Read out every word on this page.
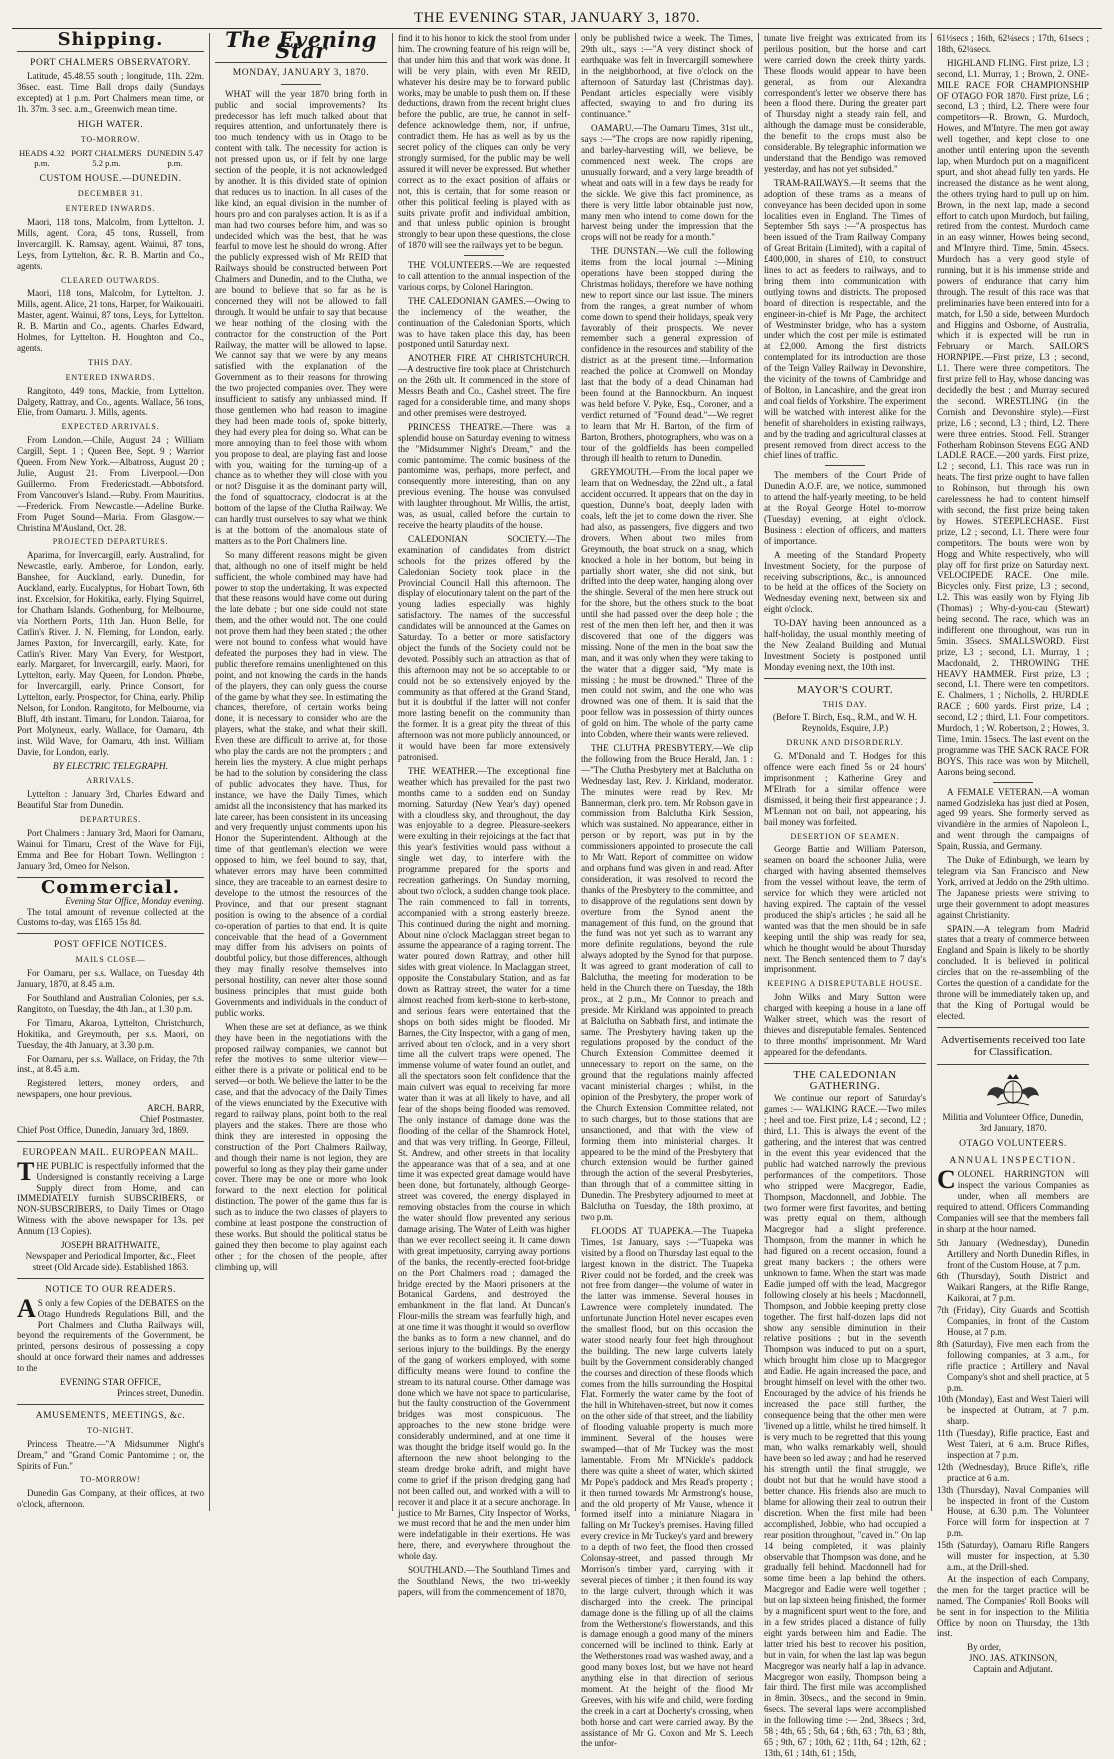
THE EVENING STAR, JANUARY 3, 1870.
Shipping.
PORT CHALMERS OBSERVATORY.

Latitude, 45.48.55 south ; longitude, 11h. 22m. 36sec. east. Time Ball drops daily (Sundays excepted) at 1 p.m. Port Chalmers mean time, or 1h. 37m. 3 sec. a.m., Greenwich mean time.

HIGH WATER.
TO-MORROW.
HEADS 4.32 p.m.
PORT CHALMERS 5.2 p.m.
DUNEDIN 5.47 p.m.
CUSTOM HOUSE.—DUNEDIN.
DECEMBER 31.
ENTERED INWARDS.

Maori, 118 tons, Malcolm, from Lyttelton. J. Mills, agent. Cora, 45 tons, Russell, from Invercargill. K. Ramsay, agent. Wainui, 87 tons, Leys, from Lyttelton, &c. R. B. Martin and Co., agents.

CLEARED OUTWARDS.

Maori, 118 tons, Malcolm, for Lyttelton. J. Mills, agent. Alice, 21 tons, Harper, for Waikouaiti. Master, agent. Wainui, 87 tons, Leys, for Lyttelton. R. B. Martin and Co., agents. Charles Edward, Holmes, for Lyttelton. H. Houghton and Co., agents.

THIS DAY.
ENTERED INWARDS.

Rangitoto, 449 tons, Mackie, from Lyttelton. Dalgety, Rattray, and Co., agents. Wallace, 56 tons, Elie, from Oamaru. J. Mills, agents.

EXPECTED ARRIVALS.

From London.—Chile, August 24 ; William Cargill, Sept. 1 ; Queen Bee, Sept. 9 ; Warrior Queen. From New York.—Albatross, August 20 ; Julie, August 21. From Liverpool.—Don Guillermo. From Fredericstadt.—Abbotsford. From Vancouver's Island.—Ruby. From Mauritius.—Frederick. From Newcastle.—Adeline Burke. From Puget Sound—Maria. From Glasgow.—Christina M'Ausland, Oct. 28.

PROJECTED DEPARTURES.

Aparima, for Invercargill, early. Australind, for Newcastle, early. Amberoe, for London, early. Banshee, for Auckland, early. Dunedin, for Auckland, early. Eucalyptus, for Hobart Town, 6th inst. Excelsior, for Hokitika, early. Flying Squirrel, for Chatham Islands. Gothenburg, for Melbourne, via Northern Ports, 11th Jan. Huon Belle, for Catlin's River. J. N. Fleming, for London, early. James Paxton, for Invercargill, early. Kate, for Catlin's River. Mary Van Every, for Westport, early. Margaret, for Invercargill, early. Maori, for Lyttelton, early. May Queen, for London. Phœbe, for Invercargill, early. Prince Consort, for Lyttelton, early. Prospector, for China, early. Philip Nelson, for London. Rangitoto, for Melbourne, via Bluff, 4th instant. Timaru, for London. Taiaroa, for Port Molyneux, early. Wallace, for Oamaru, 4th inst. Wild Wave, for Oamaru, 4th inst. William Davie, for London, early.

BY ELECTRIC TELEGRAPH.
ARRIVALS.

Lyttelton : January 3rd, Charles Edward and Beautiful Star from Dunedin.

DEPARTURES.

Port Chalmers : January 3rd, Maori for Oamaru, Wainui for Timaru, Crest of the Wave for Fiji, Emma and Bee for Hobart Town. Wellington : January 3rd, Omeo for Nelson.

Commercial.
Evening Star Office, Monday evening.

The total amount of revenue collected at the Customs to-day, was £165 15s 8d.

POST OFFICE NOTICES.
MAILS CLOSE—

For Oamaru, per s.s. Wallace, on Tuesday 4th January, 1870, at 8.45 a.m.

For Southland and Australian Colonies, per s.s. Rangitoto, on Tuesday, the 4th Jan., at 1.30 p.m.

For Timaru, Akaroa, Lyttelton, Christchurch, Hokitika, and Greymouth, per s.s. Maori, on Tuesday, the 4th January, at 3.30 p.m.

For Oamaru, per s.s. Wallace, on Friday, the 7th inst., at 8.45 a.m.

Registered letters, money orders, and newspapers, one hour previous.

ARCH. BARR,
Chief Postmaster.

Chief Post Office, Dunedin, January 3rd, 1869.

EUROPEAN MAIL. EUROPEAN MAIL.

THE PUBLIC is respectfully informed that the Undersigned is constantly receiving a Large Supply direct from Home, and can IMMEDIATELY furnish SUBSCRIBERS, or NON-SUBSCRIBERS, to Daily Times or Otago Witness with the above newspaper for 13s. per Annum (13 Copies).

JOSEPH BRAITHWAITE,
Newspaper and Periodical Importer, &c., Fleet street (Old Arcade side). Established 1863.
NOTICE TO OUR READERS.

A S only a few Copies of the DEBATES on the Otago Hundreds Regulations Bill, and the Port Chalmers and Clutha Railways will, beyond the requirements of the Government, be printed, persons desirous of possessing a copy should at once forward their names and addresses to the

EVENING STAR OFFICE,
Princes street, Dunedin.
AMUSEMENTS, MEETINGS, &c.
TO-NIGHT.

Princess Theatre.—"A Midsummer Night's Dream," and "Grand Comic Pantomime ; or, the Spirits of Fun."

TO-MORROW!

Dunedin Gas Company, at their offices, at two o'clock, afternoon.

The Evening Star
MONDAY, JANUARY 3, 1870.

WHAT will the year 1870 bring forth in public and social improvements? Its predecessor has left much talked about that requires attention, and unfortunately there is too much tendency with us in Otago to be content with talk. The necessity for action is not pressed upon us, or if felt by one large section of the people, it is not acknowledged by another. It is this divided state of opinion that reduces us to inaction. In all cases of the like kind, an equal division in the number of hours pro and con paralyses action. It is as if a man had two courses before him, and was so undecided which was the best, that he was fearful to move lest he should do wrong. After the publicly expressed wish of Mr REID that Railways should be constructed between Port Chalmers and Dunedin, and to the Clutha, we are bound to believe that so far as he is concerned they will not be allowed to fall through. It would be unfair to say that because we hear nothing of the closing with the contractor for the construction of the Port Railway, the matter will be allowed to lapse. We cannot say that we were by any means satisfied with the explanation of the Government as to their reasons for throwing the two projected companies over. They were insufficient to satisfy any unbiassed mind. If those gentlemen who had reason to imagine they had been made tools of, spoke bitterly, they had every plea for doing so. What can be more annoying than to feel those with whom you propose to deal, are playing fast and loose with you, waiting for the turning-up of a chance as to whether they will close with you or not? Disguise it as the dominant party will, the fond of squattocracy, clodocrat is at the bottom of the lapse of the Clutha Railway. We can hardly trust ourselves to say what we think is at the bottom of the anomalous state of matters as to the Port Chalmers line.

So many different reasons might be given that, although no one of itself might be held sufficient, the whole combined may have had power to stop the undertaking. It was expected that these reasons would have come out during the late debate ; but one side could not state them, and the other would not. The one could not prove them had they been stated ; the other were not bound to confess what would have defeated the purposes they had in view. The public therefore remains unenlightened on this point, and not knowing the cards in the hands of the players, they can only guess the course of the game by what they see. In estimating the chances, therefore, of certain works being done, it is necessary to consider who are the players, what the stake, and what their skill. Even these are difficult to arrive at, for those who play the cards are not the prompters ; and herein lies the mystery. A clue might perhaps be had to the solution by considering the class of public advocates they have. Thus, for instance, we have the Daily Times, which amidst all the inconsistency that has marked its late career, has been consistent in its unceasing and very frequently unjust comments upon his Honor the Superintendent. Although at the time of that gentleman's election we were opposed to him, we feel bound to say, that, whatever errors may have been committed since, they are traceable to an earnest desire to develope to the utmost the resources of the Province, and that our present stagnant position is owing to the absence of a cordial co-operation of parties to that end. It is quite conceivable that the head of a Government may differ from his advisers on points of doubtful policy, but those differences, although they may finally resolve themselves into personal hostility, can never alter those sound business principles that must guide both Governments and individuals in the conduct of public works.

When these are set at defiance, as we think they have been in the negotiations with the proposed railway companies, we cannot but refer the motives to some ulterior view— either there is a private or political end to be served—or both. We believe the latter to be the case, and that the advocacy of the Daily Times of the views enunciated by the Executive with regard to railway plans, point both to the real players and the stakes. There are those who think they are interested in opposing the construction of the Port Chalmers Railway, and though their name is not legion, they are powerful so long as they play their game under cover. There may be one or more who look forward to the next election for political distinction. The power of the game thus far is such as to induce the two classes of players to combine at least postpone the construction of these works. But should the political status be gained they then become to play against each other ; for the chosen of the people, after climbing up, will

find it to his honor to kick the stool from under him. The crowning feature of his reign will be, that under him this and that work was done. It will be very plain, with even Mr REID, whatever his desire may be to forward public works, may be unable to push them on. If these deductions, drawn from the recent bright clues before the public, are true, he cannot in self-defence acknowledge them, nor, if unfrue, contradict them. He has as well as by us the secret policy of the cliques can only be very strongly surmised, for the public may be well assured it will never be expressed. But whether correct as to the exact position of affairs or not, this is certain, that for some reason or other this political feeling is played with as suits private profit and individual ambition, and that unless public opinion is brought strongly to bear upon these questions, the close of 1870 will see the railways yet to be begun.

THE VOLUNTEERS.—We are requested to call attention to the annual inspection of the various corps, by Colonel Harington.

THE CALEDONIAN GAMES.—Owing to the inclemency of the weather, the continuation of the Caledonian Sports, which was to have taken place this day, has been postponed until Saturday next.

ANOTHER FIRE AT CHRISTCHURCH. —A destructive fire took place at Christchurch on the 26th ult. It commenced in the store of Messrs Beath and Co., Cashel street. The fire raged for a considerable time, and many shops and other premises were destroyed.

PRINCESS THEATRE.—There was a splendid house on Saturday evening to witness the "Midsummer Night's Dream," and the comic pantomime. The comic business of the pantomime was, perhaps, more perfect, and consequently more interesting, than on any previous evening. The house was convulsed with laughter throughout. Mr Willis, the artist, was, as usual, called before the curtain to receive the hearty plaudits of the house.

CALEDONIAN SOCIETY.—The examination of candidates from district schools for the prizes offered by the Caledonian Society took place in the Provincial Council Hall this afternoon. The display of elocutionary talent on the part of the young ladies especially was highly satisfactory. The names of the successful candidates will be announced at the Games on Saturday. To a better or more satisfactory object the funds of the Society could not be devoted. Possibly such an attraction as that of this afternoon may not be so acceptable to or could not be so extensively enjoyed by the community as that offered at the Grand Stand, but it is doubtful if the latter will not confer more lasting benefit on the community than the former. It is a great pity the threat of this afternoon was not more publicly announced, or it would have been far more extensively patronised.

THE WEATHER.—The exceptional fine weather which has prevailed for the past two months came to a sudden end on Sunday morning. Saturday (New Year's day) opened with a cloudless sky, and throughout, the day was enjoyable to a degree. Pleasure-seekers were exulting in their rejoicings at the fact that this year's festivities would pass without a single wet day, to interfere with the programme prepared for the sports and recreation gatherings. On Sunday morning, about two o'clock, a sudden change took place. The rain commenced to fall in torrents, accompanied with a strong easterly breeze. This continued during the night and morning. About nine o'clock Maclaggan street began to assume the appearance of a raging torrent. The water poured down Rattray, and other hill sides with great violence. In Maclaggan street, opposite the Constabulary Station, and as far down as Rattray street, the water for a time almost reached from kerb-stone to kerb-stone, and serious fears were entertained that the shops on both sides might be flooded. Mr Barnes, the City Inspector, with a gang of men, arrived about ten o'clock, and in a very short time all the culvert traps were opened. The immense volume of water found an outlet, and all the spectators soon felt confidence that the main culvert was equal to receiving far more water than it was at all likely to have, and all fear of the shops being flooded was removed. The only instance of damage done was the flooding of the cellar of the Shamrock Hotel, and that was very trifling. In George, Filleul, St. Andrew, and other streets in that locality the appearance was that of a sea, and at one time it was expected great damage would have been done, but fortunately, although George-street was covered, the energy displayed in removing obstacles from the course in which the water should flow prevented any serious damage arising. The Water of Leith was higher than we ever recollect seeing it. It came down with great impetuosity, carrying away portions of the banks, the recently-erected foot-bridge on the Port Chalmers road ; damaged the bridge erected by the Maori prisoners at the Botanical Gardens, and destroyed the embankment in the flat land. At Duncan's Flour-mills the stream was fearfully high, and at one time it was thought it would so overflow the banks as to form a new channel, and do serious injury to the buildings. By the energy of the gang of workers employed, with some difficulty means were found to confine the stream to its natural course. Other damage was done which we have not space to particularise, but the faulty construction of the Government bridges was most conspicuous. The approaches to the new stone bridge were considerably undermined, and at one time it was thought the bridge itself would go. In the afternoon the new shoot belonging to the steam dredge broke adrift, and might have come to grief if the prison dredging gang had not been called out, and worked with a will to recover it and place it at a secure anchorage. In justice to Mr Barnes, City Inspector of Works, we must record that he and the men under him were indefatigable in their exertions. He was here, there, and everywhere throughout the whole day.

SOUTHLAND.—The Southland Times and the Southland News, the two tri-weekly papers, will from the commencement of 1870,

only be published twice a week. The Times, 29th ult., says :—"A very distinct shock of earthquake was felt in Invercargill somewhere in the neighborhood, at five o'clock on the afternoon of Saturday last (Christmas day). Pendant articles especially were visibly affected, swaying to and fro during its continuance."

OAMARU.—The Oamaru Times, 31st ult., says :—"The crops are now rapidly ripening, and barley-harvesting will, we believe, be commenced next week. The crops are unusually forward, and a very large breadth of wheat and oats will in a few days be ready for the sickle. We give this fact prominence, as there is very little labor obtainable just now, many men who intend to come down for the harvest being under the impression that the crops will not be ready for a month."

THE DUNSTAN.—We cull the following items from the local journal :—Mining operations have been stopped during the Christmas holidays, therefore we have nothing new to report since our last issue. The miners from the ranges, a great number of whom come down to spend their holidays, speak very favorably of their prospects. We never remember such a general expression of confidence in the resources and stability of the district as at the present time.—Information reached the police at Cromwell on Monday last that the body of a dead Chinaman had been found at the Bannockburn. An inquest was held before V. Pyke, Esq., Coroner, and a verdict returned of "Found dead."—We regret to learn that Mr H. Barton, of the firm of Barton, Brothers, photographers, who was on a tour of the goldfields has been compelled through ill health to return to Dunedin.

GREYMOUTH.—From the local paper we learn that on Wednesday, the 22nd ult., a fatal accident occurred. It appears that on the day in question, Dunne's boat, deeply laden with coals, left the jet to come down the river. She had also, as passengers, five diggers and two drovers. When about two miles from Greymouth, the boat struck on a snag, which knocked a hole in her bottom, but being in partially short water, she did not sink, but drifted into the deep water, hanging along over the shingle. Several of the men here struck out for the shore, but the others stuck to the boat until she had passed over the deep hole ; the rest of the men then left her, and then it was discovered that one of the diggers was missing. None of the men in the boat saw the man, and it was only when they were taking to the water that a digger said, "My mate is missing ; he must be drowned." Three of the men could not swim, and the one who was drowned was one of them. It is said that the poor fellow was in possession of thirty ounces of gold on him. The whole of the party came into Cobden, where their wants were relieved.

THE CLUTHA PRESBYTERY.—We clip the following from the Bruce Herald, Jan. 1 :—"The Clutha Presbytery met at Balclutha on Wednesday last, Rev. J. Kirkland, moderator. The minutes were read by Rev. Mr Bannerman, clerk pro. tem. Mr Robson gave in commission from Balclutha Kirk Session, which was sustained. No appearance, either in person or by report, was put in by the commissioners appointed to prosecute the call to Mr Watt. Report of committee on widow and orphans fund was given in and read. After consideration, it was resolved to record the thanks of the Presbytery to the committee, and to disapprove of the regulations sent down by overture from the Synod anent the management of this fund, on the ground that the fund was not yet such as to warrant any more definite regulations, beyond the rule always adopted by the Synod for that purpose. It was agreed to grant moderation of call to Balclutha, the meeting for moderation to be held in the Church there on Tuesday, the 18th prox., at 2 p.m., Mr Connor to preach and preside. Mr Kirkland was appointed to preach at Balclutha on Sabbath first, and intimate the same. The Presbytery having taken up the regulations proposed by the conduct of the Church Extension Committee deemed it unnecessary to report on the same, on the ground that the regulations mainly affected vacant ministerial charges ; whilst, in the opinion of the Presbytery, the proper work of the Church Extension Committee related, not to such charges, but to those stations that are unsanctioned, and that with the view of forming them into ministerial charges. It appeared to be the mind of the Presbytery that church extension would be further gained through the action of the several Presbyteries, than through that of a committee sitting in Dunedin. The Presbytery adjourned to meet at Balclutha on Tuesday, the 18th proximo, at two p.m.

FLOODS AT TUAPEKA.—The Tuapeka Times, 1st January, says :—"Tuapeka was visited by a flood on Thursday last equal to the largest known in the district. The Tuapeka River could not be forded, and the creek was not free from danger—the volume of water in the latter was immense. Several houses in Lawrence were completely inundated. The unfortunate Junction Hotel never escapes even the smallest flood, but on this occasion the water stood nearly four feet high throughout the building. The new large culverts lately built by the Government considerably changed the courses and direction of these floods which comes from the hills surrounding the Hospital Flat. Formerly the water came by the foot of the hill in Whitehaven-street, but now it comes on the other side of that street, and the liability of flooding valuable property is much more imminent. Several of the houses were swamped—that of Mr Tuckey was the most lamentable. From Mr M'Nickle's paddock there was quite a sheet of water, which skirted Mr Pope's paddock and Mrs Read's property ; it then turned towards Mr Armstrong's house, and the old property of Mr Vause, whence it formed itself into a miniature Niagara in falling on Mr Tuckey's premises. Having filled every crevice in Mr Tuckey's yard and brewery to a depth of two feet, the flood then crossed Colonsay-street, and passed through Mr Morrison's timber yard, carrying with it several pieces of timber ; it then found its way to the large culvert, through which it was discharged into the creek. The principal damage done is the filling up of all the claims from the Wetherstone's flowerstands, and this is damage enough a good many of the miners concerned will be inclined to think. Early at the Wetherstones road was washed away, and a good many boxes lost, but we have not heard anything else in that direction of serious moment. At the height of the flood Mr Greeves, with his wife and child, were fording the creek in a cart at Docherty's crossing, when both horse and cart were carried away. By the assistance of Mr G. Coxon and Mr S. Leech the unfor-

tunate live freight was extricated from its perilous position, but the horse and cart were carried down the creek thirty yards. These floods would appear to have been general, as from our Alexandra correspondent's letter we observe there has been a flood there. During the greater part of Thursday night a steady rain fell, and although the damage must be considerable, the benefit to the crops must also be considerable. By telegraphic information we understand that the Bendigo was removed yesterday, and has not yet subsided."

TRAM-RAILWAYS.—It seems that the adoption of these trams as a means of conveyance has been decided upon in some localities even in England. The Times of September 5th says :—"A prospectus has been issued of the Tram Railway Company of Great Britain (Limited), with a capital of £400,000, in shares of £10, to construct lines to act as feeders to railways, and to bring them into communication with outlying towns and districts. The proposed board of direction is respectable, and the engineer-in-chief is Mr Page, the architect of Westminster bridge, who has a system under which the cost per mile is estimated at £2,000. Among the first districts contemplated for its introduction are those of the Teign Valley Railway in Devonshire, the vicinity of the towns of Cambridge and of Bolton, in Lancashire, and the great iron and coal fields of Yorkshire. The experiment will be watched with interest alike for the benefit of shareholders in existing railways, and by the trading and agricultural classes at present removed from direct access to the chief lines of traffic.

The members of the Court Pride of Dunedin A.O.F. are, we notice, summoned to attend the half-yearly meeting, to be held at the Royal George Hotel to-morrow (Tuesday) evening, at eight o'clock. Business : election of officers, and matters of importance.

A meeting of the Standard Property Investment Society, for the purpose of receiving subscriptions, &c., is announced to be held at the offices of the Society on Wednesday evening next, between six and eight o'clock.

TO-DAY having been announced as a half-holiday, the usual monthly meeting of the New Zealand Building and Mutual Investment Society is postponed until Monday evening next, the 10th inst.

MAYOR'S COURT.
THIS DAY.

(Before T. Birch, Esq., R.M., and W. H. Reynolds, Esquire, J.P.)

DRUNK AND DISORDERLY.

G. M'Donald and T. Hodges for this offence were each fined 5s or 24 hours' imprisonment ; Katherine Grey and M'Elrath for a similar offence were dismissed, it being their first appearance ; J. M'Lennan not on bail, not appearing, his bail money was forfeited.

DESERTION OF SEAMEN.

George Battie and William Paterson, seamen on board the schooner Julia, were charged with having absented themselves from the vessel without leave, the term of service for which they were articled not having expired. The captain of the vessel produced the ship's articles ; he said all he wanted was that the men should be in safe keeping until the ship was ready for sea, which he thought would be about Thursday next. The Bench sentenced them to 7 day's imprisonment.

KEEPING A DISREPUTABLE HOUSE.

John Wilks and Mary Sutton were charged with keeping a house in a lane off Walker street, which was the resort of thieves and disreputable females. Sentenced to three months' imprisonment. Mr Ward appeared for the defendants.

THE CALEDONIAN GATHERING.

We continue our report of Saturday's games :— WALKING RACE.—Two miles ; heel and toe. First prize, L4 ; second, L2 ; third, L1. This is always the event of the gathering, and the interest that was centred in the event this year evidenced that the public had watched narrowly the previous performances of the competitors. Those who stripped were Macgregor, Eadie, Thompson, Macdonnell, and Jobbie. The two former were first favorites, and betting was pretty equal on them, although Macgregor had a slight preference. Thompson, from the manner in which he had figured on a recent occasion, found a great many backers ; the others were unknown to fame. When the start was made Eadie jumped off with the lead, Macgregor following closely at his heels ; Macdonnell, Thompson, and Jobbie keeping pretty close together. The first half-dozen laps did not show any sensible diminution in their relative positions ; but in the seventh Thompson was induced to put on a spurt, which brought him close up to Macgregor and Eadie. He again increased the pace, and brought himself on level with the other two. Encouraged by the advice of his friends he increased the pace still further, the consequence being that the other men were 'livened up a little, whilst he tired himself. It is very much to be regretted that this young man, who walks remarkably well, should have been so led away ; and had he reserved his strength until the final struggle, we doubt not but that he would have stood a better chance. His friends also are much to blame for allowing their zeal to outrun their discretion. When the first mile had been accomplished, Jobbie, who had occupied a rear position throughout, "caved in." On lap 14 being completed, it was plainly observable that Thompson was done, and he gradually fell behind. Macdonnell had for some time been a lap behind the others. Macgregor and Eadie were well together ; but on lap sixteen being finished, the former by a magnificent spurt went to the fore, and in a few strides placed a distance of fully eight yards between him and Eadie. The latter tried his best to recover his position, but in vain, for when the last lap was begun Macgregor was nearly half a lap in advance. Macgregor won easily, Thompson being a fair third. The first mile was accomplished in 8min. 30secs., and the second in 9min. 6secs. The several laps were accomplished in the following time :— 2nd, 38secs ; 3rd, 58 ; 4th, 65 ; 5th, 64 ; 6th, 63 ; 7th, 63 ; 8th, 65 ; 9th, 67 ; 10th, 62 ; 11th, 64 ; 12th, 62 ; 13th, 61 ; 14th, 61 ; 15th,

61½secs ; 16th, 62¼secs ; 17th, 61secs ; 18th, 62¼secs.

HIGHLAND FLING. First prize, L3 ; second, L1. Murray, 1 ; Brown, 2. ONE-MILE RACE FOR CHAMPIONSHIP OF OTAGO FOR 1870. First prize, L6 ; second, L3 ; third, L2. There were four competitors—R. Brown, G. Murdoch, Howes, and M'Intyre. The men got away well together, and kept close to one another until entering upon the seventh lap, when Murdoch put on a magnificent spurt, and shot ahead fully ten yards. He increased the distance as he went along, the others trying hard to pull up on him. Brown, in the next lap, made a second effort to catch upon Murdoch, but failing, retired from the contest. Murdoch came in an easy winner, Howes being second, and M'Intyre third. Time, 5min. 45secs. Murdoch has a very good style of running, but it is his immense stride and powers of endurance that carry him through. The result of this race was that preliminaries have been entered into for a match, for L50 a side, between Murdoch and Higgins and Osborne, of Australia, which it is expected will be run in February or March. SAILOR'S HORNPIPE.—First prize, L3 ; second, L1. There were three competitors. The first prize fell to Hay, whose dancing was decidedly the best ; and Murray secured the second. WRESTLING (in the Cornish and Devonshire style).—First prize, L6 ; second, L3 ; third, L2. There were three entries. Stood. Fell. Stranger Fotherham Robinson Stevens EGG AND LADLE RACE.—200 yards. First prize, L2 ; second, L1. This race was run in heats. The first prize ought to have fallen to Robinson, but through his own carelessness he had to content himself with second, the first prize being taken by Howes. STEEPLECHASE. First prize, L2 ; second, L1. There were four competitors. The bouts were won by Hogg and White respectively, who will play off for first prize on Saturday next. VELOCIPEDE RACE. One mile. Bicycles only. First prize, L3 ; second, L2. This was easily won by Flying Jib (Thomas) ; Why-d-you-cau (Stewart) being second. The race, which was an indifferent one throughout, was run in 5min. 35secs. SMALLSWORD. First prize, L3 ; second, L1. Murray, 1 ; Macdonald, 2. THROWING THE HEAVY HAMMER. First prize, L3 ; second, L1. There were ten competitors. E. Chalmers, 1 ; Nicholls, 2. HURDLE RACE ; 600 yards. First prize, L4 ; second, L2 ; third, L1. Four competitors. Murdoch, 1 ; W. Robertson, 2 ; Howes, 3. Time, 1min. 15secs. The last event on the programme was THE SACK RACE FOR BOYS. This race was won by Mitchell, Aarons being second.

A FEMALE VETERAN.—A woman named Godzisleka has just died at Posen, aged 99 years. She formerly served as vivandière in the armies of Napoleon I., and went through the campaigns of Spain, Russia, and Germany.

The Duke of Edinburgh, we learn by telegram via San Francisco and New York, arrived at Jeddo on the 29th ultimo. The Japanese priests were striving to urge their government to adopt measures against Christianity.

SPAIN.—A telegram from Madrid states that a treaty of commerce between England and Spain is likely to be shortly concluded. It is believed in political circles that on the re-assembling of the Cortes the question of a candidate for the throne will be immediately taken up, and that the King of Portugal would be elected.

Advertisements received too late for Classification.

Militia and Volunteer Office, Dunedin, 3rd January, 1870.

OTAGO VOLUNTEERS.
ANNUAL INSPECTION.

COLONEL HARRINGTON will inspect the various Companies as under, when all members are required to attend. Officers Commanding Companies will see that the members fall in sharp at the hour named.

5th January (Wednesday), Dunedin Artillery and North Dunedin Rifles, in front of the Custom House, at 7 p.m.

6th (Thursday), South District and Waikari Rangers, at the Rifle Range, Kaikorai, at 7 p.m.

7th (Friday), City Guards and Scottish Companies, in front of the Custom House, at 7 p.m.

8th (Saturday), Five men each from the following companies, at 3 a.m., for rifle practice ; Artillery and Naval Company's shot and shell practice, at 5 p.m.

10th (Monday), East and West Taieri will be inspected at Outram, at 7 p.m. sharp.

11th (Tuesday), Rifle practice, East and West Taieri, at 6 a.m. Bruce Rifles, inspection at 7 p.m.

12th (Wednesday), Bruce Rifle's, rifle practice at 6 a.m.

13th (Thursday), Naval Companies will be inspected in front of the Custom House, at 6.30 p.m. The Volunteer Force will form for inspection at 7 p.m.

15th (Saturday), Oamaru Rifle Rangers will muster for inspection, at 5.30 a.m., at the Drill-shed.

At the inspection of each Company, the men for the target practice will be named. The Companies' Roll Books will be sent in for inspection to the Militia Office by noon on Thursday, the 13th inst.

By order,
JNO. JAS. ATKINSON,
Captain and Adjutant.
